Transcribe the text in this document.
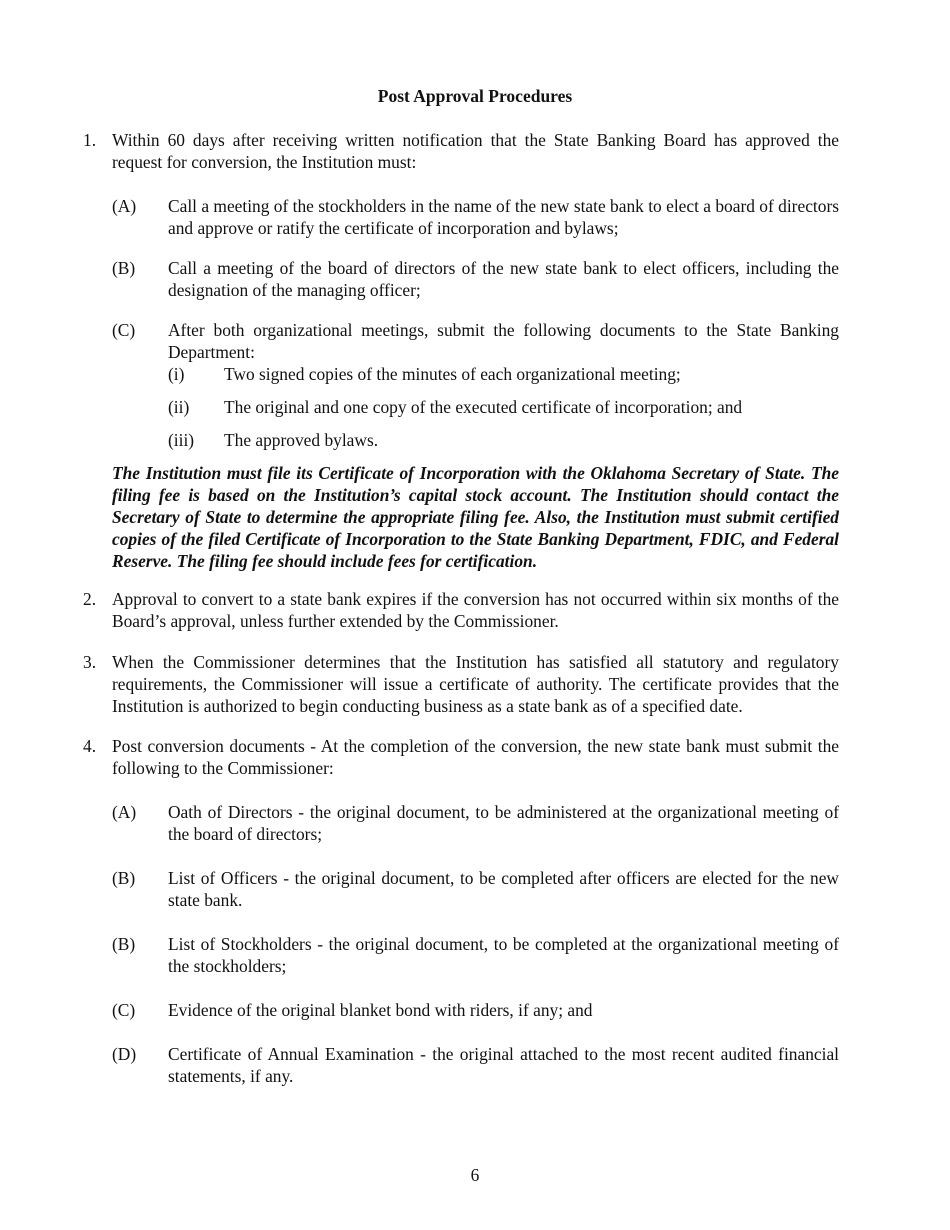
Post Approval Procedures
1. Within 60 days after receiving written notification that the State Banking Board has approved the request for conversion, the Institution must:
(A) Call a meeting of the stockholders in the name of the new state bank to elect a board of directors and approve or ratify the certificate of incorporation and bylaws;
(B) Call a meeting of the board of directors of the new state bank to elect officers, including the designation of the managing officer;
(C) After both organizational meetings, submit the following documents to the State Banking Department:
(i) Two signed copies of the minutes of each organizational meeting;
(ii) The original and one copy of the executed certificate of incorporation; and
(iii) The approved bylaws.
The Institution must file its Certificate of Incorporation with the Oklahoma Secretary of State. The filing fee is based on the Institution’s capital stock account. The Institution should contact the Secretary of State to determine the appropriate filing fee. Also, the Institution must submit certified copies of the filed Certificate of Incorporation to the State Banking Department, FDIC, and Federal Reserve. The filing fee should include fees for certification.
2. Approval to convert to a state bank expires if the conversion has not occurred within six months of the Board’s approval, unless further extended by the Commissioner.
3. When the Commissioner determines that the Institution has satisfied all statutory and regulatory requirements, the Commissioner will issue a certificate of authority. The certificate provides that the Institution is authorized to begin conducting business as a state bank as of a specified date.
4. Post conversion documents - At the completion of the conversion, the new state bank must submit the following to the Commissioner:
(A) Oath of Directors - the original document, to be administered at the organizational meeting of the board of directors;
(B) List of Officers - the original document, to be completed after officers are elected for the new state bank.
(B) List of Stockholders - the original document, to be completed at the organizational meeting of the stockholders;
(C) Evidence of the original blanket bond with riders, if any; and
(D) Certificate of Annual Examination - the original attached to the most recent audited financial statements, if any.
6
